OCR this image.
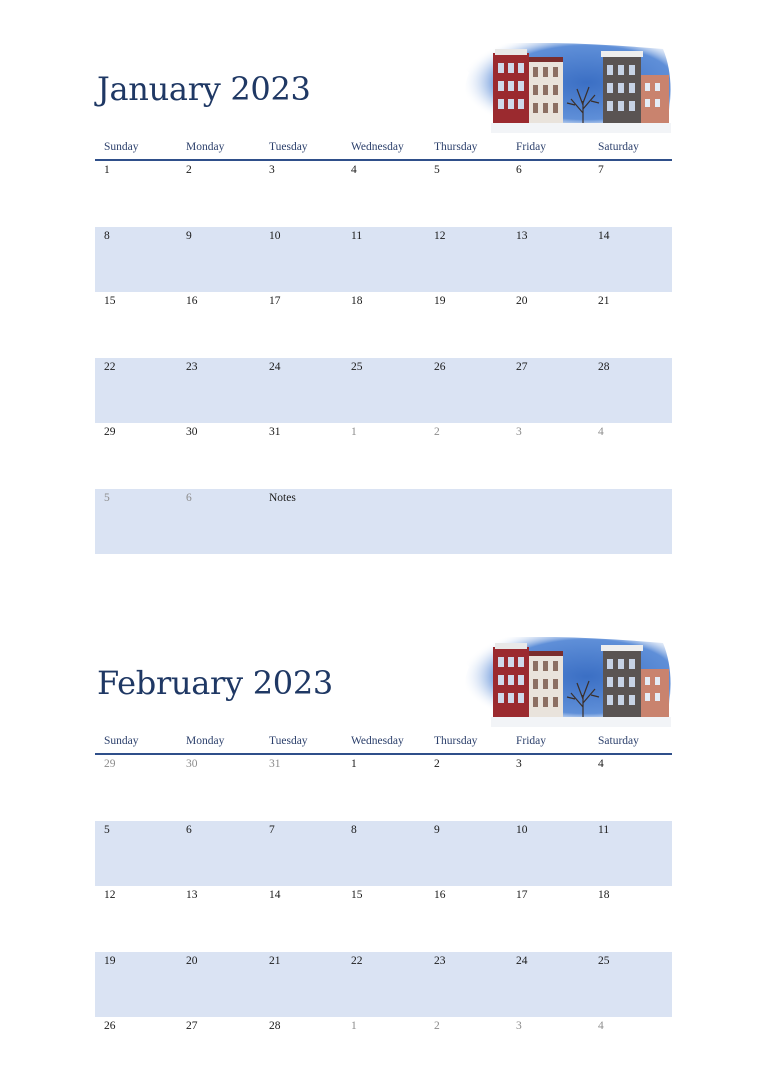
January 2023
Sunday	Monday	Tuesday	Wednesday	Thursday	Friday	Saturday
1	2	3	4	5	6	7
8	9	10	11	12	13	14
15	16	17	18	19	20	21
22	23	24	25	26	27	28
29	30	31	1	2	3	4
5	6	Notes
February 2023
Sunday	Monday	Tuesday	Wednesday	Thursday	Friday	Saturday
29	30	31	1	2	3	4
5	6	7	8	9	10	11
12	13	14	15	16	17	18
19	20	21	22	23	24	25
26	27	28	1	2	3	4
